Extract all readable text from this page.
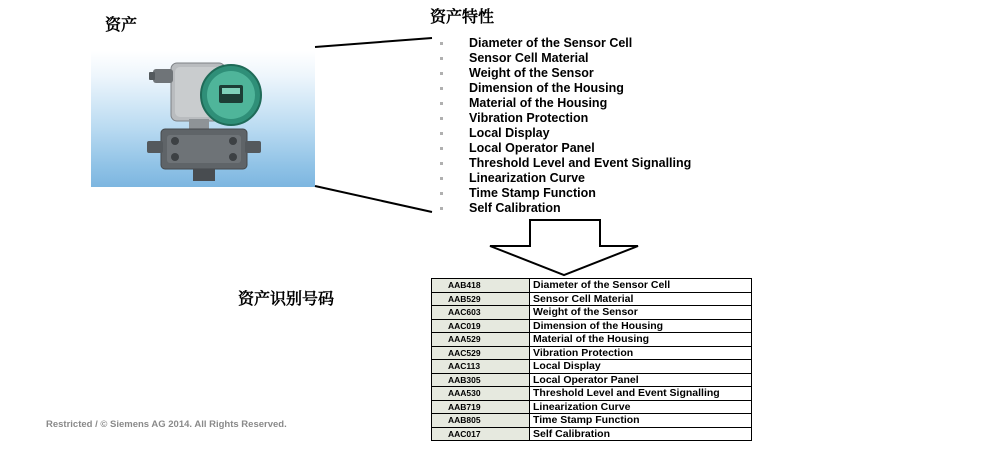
资产	资产特性
资产识别号码
Diameter of the Sensor Cell
Sensor Cell Material
Weight of the Sensor
Dimension of the Housing
Material of the Housing
Vibration Protection
Local Display
Local Operator Panel
Threshold Level and Event Signalling
Linearization Curve
Time Stamp Function
Self Calibration
AAB418	Diameter of the Sensor Cell
AAB529	Sensor Cell Material
AAC603	Weight of the Sensor
AAC019	Dimension of the Housing
AAA529	Material of the Housing
AAC529	Vibration Protection
AAC113	Local Display
AAB305	Local Operator Panel
AAA530	Threshold Level and Event Signalling
AAB719	Linearization Curve
AAB805	Time Stamp Function
AAC017	Self Calibration
Restricted / © Siemens AG 2014. All Rights Reserved.
